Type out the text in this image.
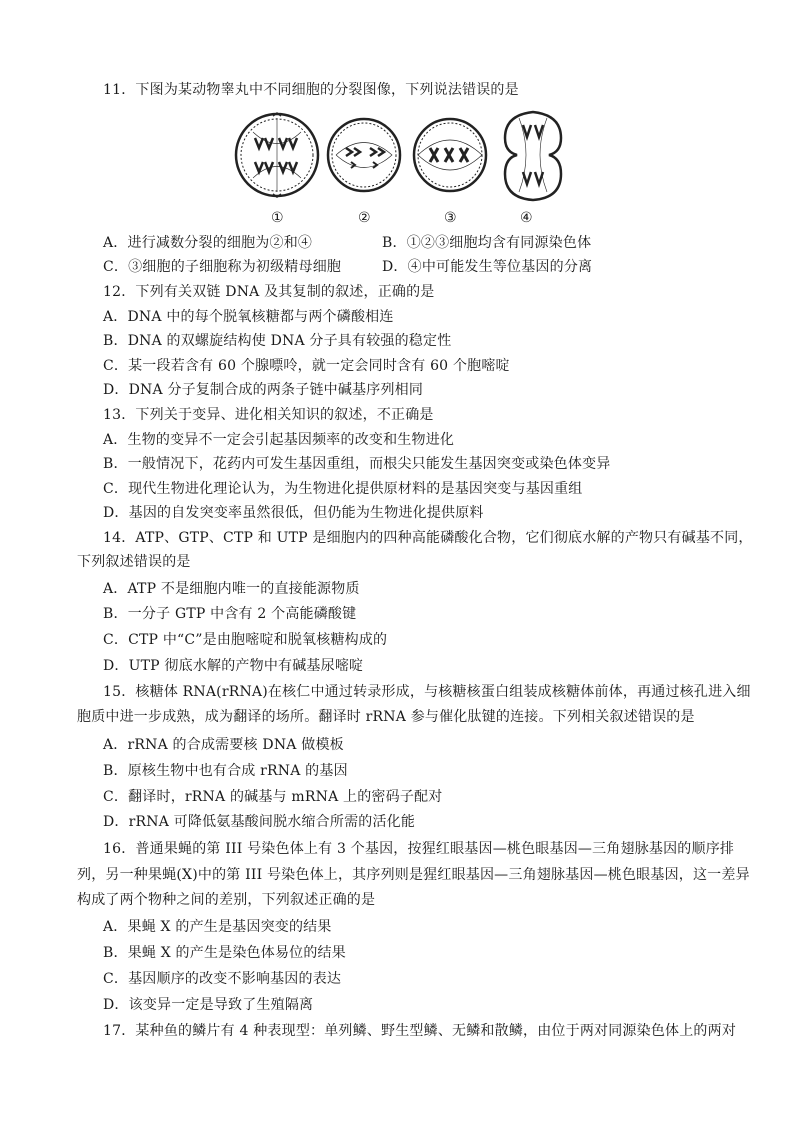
11．下图为某动物睾丸中不同细胞的分裂图像，下列说法错误的是
①	②	③	④
A．进行减数分裂的细胞为②和④	B．①②③细胞均含有同源染色体
C．③细胞的子细胞称为初级精母细胞	D．④中可能发生等位基因的分离
12．下列有关双链 DNA 及其复制的叙述，正确的是
A．DNA 中的每个脱氧核糖都与两个磷酸相连
B．DNA 的双螺旋结构使 DNA 分子具有较强的稳定性
C．某一段若含有 60 个腺嘌呤，就一定会同时含有 60 个胞嘧啶
D．DNA 分子复制合成的两条子链中碱基序列相同
13．下列关于变异、进化相关知识的叙述，不正确是
A．生物的变异不一定会引起基因频率的改变和生物进化
B．一般情况下，花药内可发生基因重组，而根尖只能发生基因突变或染色体变异
C．现代生物进化理论认为，为生物进化提供原材料的是基因突变与基因重组
D．基因的自发突变率虽然很低，但仍能为生物进化提供原料
14．ATP、GTP、CTP 和 UTP 是细胞内的四种高能磷酸化合物，它们彻底水解的产物只有碱基不同，
下列叙述错误的是
A．ATP 不是细胞内唯一的直接能源物质
B．一分子 GTP 中含有 2 个高能磷酸键
C．CTP 中“C”是由胞嘧啶和脱氧核糖构成的
D．UTP 彻底水解的产物中有碱基尿嘧啶
15．核糖体 RNA(rRNA)在核仁中通过转录形成，与核糖核蛋白组装成核糖体前体，再通过核孔进入细
胞质中进一步成熟，成为翻译的场所。翻译时 rRNA 参与催化肽键的连接。下列相关叙述错误的是
A．rRNA 的合成需要核 DNA 做模板
B．原核生物中也有合成 rRNA 的基因
C．翻译时，rRNA 的碱基与 mRNA 上的密码子配对
D．rRNA 可降低氨基酸间脱水缩合所需的活化能
16．普通果蝇的第 III 号染色体上有 3 个基因，按猩红眼基因—桃色眼基因—三角翅脉基因的顺序排
列，另一种果蝇(X)中的第 III 号染色体上，其序列则是猩红眼基因—三角翅脉基因—桃色眼基因，这一差异
构成了两个物种之间的差别，下列叙述正确的是
A．果蝇 X 的产生是基因突变的结果
B．果蝇 X 的产生是染色体易位的结果
C．基因顺序的改变不影响基因的表达
D．该变异一定是导致了生殖隔离
17．某种鱼的鳞片有 4 种表现型：单列鳞、野生型鳞、无鳞和散鳞，由位于两对同源染色体上的两对
